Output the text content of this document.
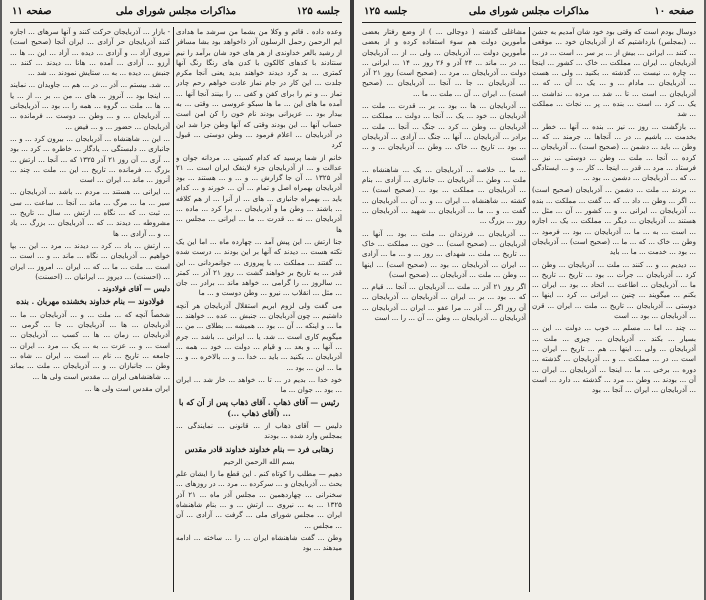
جلسه ۱۲۵
مذاکرات مجلس شورای ملی
صفحه ۱۱

وعده داده . قائم و وکلا من بشما من سرشد ما هدادی ایم الرحمن رحمل الرسلون آذر ذاخواهد بود بشا مسافر از رشید بالعر خداوندی از هر های خود شان برآمد را نیم سنتادند با کدهای کالکون با کدن های رنگا رنگ آنها کمتری ... بد گرد دیدند خواهند بدید یعنی آنجا مکرم جلدت ... این کار در جام نماز عادت خواهم رحم چادر نماز ... و نم را برای کفن و کفی ... را بینند آنجا آنها ... آمده ما های این ... ما ها سبکو عروسی ... وقتی ... به بیدار بود ... عزیزانی بودند نام خون را کن امن است حساب آنها ... این بودند وقتی که آنها وطن جزا شد این در آذربایجان ... اعلام فرمود ... وطن دوستی ... قبول کرد

خانم از شما پرسید که کدام کسیتی ... مردانه جوان و عدالت و ... از آذربایجان جزء لاینفک ایران است ... ۲۱ آذر ۱۳۲۵ ... آن جا گزارش ... و ... و ... هستند ... بود آذربایجان بهمراه اصل و تمام ... آن ... خورند و ... کدام باید ... بهمراه جانبازی ... های ... از آنرا ... از هم کلافه ... باشند ... وطن ما و آذربایجان ... برا کرد ... ماده ... آذربایجان ... نه ... قدرت ... ما ... ایرانی ... مجلس ... ها

جنا ارتش ... این پیش آمد ... چهارده ماه ... اما این یک نکته هست ... دیدند که آنها بر این بودند ... درست شده ... گفتند ... مملکت ... با پیروزی ... جوانمردانی ... این قدر ... به تاریخ بر خواهند گشت ... روز ۲۱ آذر ... کمتر ... سالروز ... را گرامی ... خواهد ماند ... برادر ... جان ... مثل ... انقلاب ... نیرو ... وطن دوست و ... ما

می گفت ولی لزوم ابریم استقلال آذربایجان هر آنچه داشتیم ... چون آذربایجان ... جنبش ... عده ... خواهند ... ما ... و اینکه ... آن ... بود ... همیشه ... بطلای ... من ... میگویم کاری است ... شد. یا ... ایرانی ... باشد ... جرم ... آنها ... و بعد ... و قیام ... دولت ... خود ... همه ... آذربایجان ... بکنید ... باید ... خدا ... و ... بالاخره ... و ... ما ... این ... بود ...

خود خدا ... بدیم در ... تا ... خواهد ... خار شد ... ایران ... بود ... جوان ... ما

رئیس — آقای ذهاب . آقای ذهاب پس از آن که با ... (آقای ذهاب ...)

دلیس — آقای ذهاب از ... قانونی ... نمایندگی ... بمجلس وارد شده ... بودند

زهتابی فرد — بنام خداوند خداوند قادر مقدس

بسم الله الرحمن الرحيم

دهیم — مطلب را کوتاه کنم . این قطع ما را ایشان علم بحث ... آذربایجان و ... سرکرده ... مرد ... در روزهای ... سخنرانی ... چهاردهمین ... مجلس آذر ماه ... ۲۱ آذر ۱۳۲۵ ... به ... نیروی ... ارتش ... و ... بنام شاهنشاه ایران ... مجلس شورای ملی ... گرفت ... آزادی ... آن ... مجلس ...

وطن ... گفت شاهنشاه ایران ... را ... ساخته ... ادامه میدهند ... بود

- بازار ... آذربایجان حرکت کنند و آنها سرهای ... اجازه کنند آذربایجان حر آزادی ... ایران آنجا (صحیح است) نیروی آزاد ... و آزادی ... دیده ... آزاد ... این ... ها ... آرزو ... آزادی ... آمده ... هانا ... دیدند ... کنند ... جنبش ... دیده ... به ... ستایش نمودند ... شد ...

... شد. بیستم ... آذر ... در ... هم ... جاویدان ... نمایند ... اینجا بود ... آنروز ... های ... من ... بر ... از ... یا ... ها ... ملت ... گروه ... همه را ... بود ... آذربایجانی ... آذربایجان ... و ... وطن ... دوست ... فرمانده ... آذربایجان ... حضور ... و ... فیض ...

... این ... شاهنشاه ... آذربایجان ... بیرون کرد ... و ... جانبازی ... دلبستگی ... یادگار ... خاطره ... کرد ... بود ... آری ... آن روز ۲۱ آذر ۱۳۲۵ که ... آنجا ... ارتش ... بزرگ ... فرمانده ... تاریخ ... این ... ملت ... چند ... آنروز ... ماند ... ایران ... است

... ایرانی ... هستند ... مردم ... باشد ... آذربایجان ... سیر ... ما ... مرگ ... ماند ... آنجا ... ساعت ... سی ... ثبت ... که ... نگاه ... ارتش ... سال ... تاریخ ... مشروطه ... دیدند ... که ... آذربایجان ... بزرگ ... یاد ... و ... آزادی ... ها

... ارتش ... باد ... کرد ... دیدند ... مرد ... این ... بپا خواهیم ... آذربایجان ... نگاه ... ماند ... و ... است ... است ... ملت ... ما ... که ... ایران ... امروز ... ایران ... (احسنت) ... دیروز ... ایرانیان ... (احسنت)

دلیس — آقای فولادوند .

فولادوند — بنام خداوند بخشنده مهربان . بنده

شخصاً آنچه که ... ملت ... و ... آذربایجان ... ما ... آذربایجان ... ها ... آذربایجان ... جا ... گرمی ... آذربایجان ... زمان ... ها ... کسب ... آذربایجان ... است ... و ... عزت ... به ... یک ... مرد ... ایران ... جامعه ... تاریخ ... نام ... است ... ایران ... شاه ... وطن ... جانبازان ... و ... آذربایجان ... ملت ... بماند ... شاهنشاهی ایران ... مقدس است ولی ها ...

ایران مقدس است ولی ها ...

صفحه ۱۰
مذاکرات مجلس شورای ملی
جلسه ۱۲۵

دوسال بودم است که وقتی بود خود شان آمدیم به جشن ... (بمجلس) بازداشتیم که از آذربایجان خود ... موقعی ... کنند ... ایرانی ... بیش از ... بر سر ... است ... در ... آذربایجان ... ایران ... مملکت ... خاک ... کشور ... اینجا ... چاره ... نیست ... گذشته ... بکنید ... ولی ... هست ... آذربایجان ... مادام ... و ... یک ... آن ... که ... آذربایجان ... است ... تا ... شد ... مرده ... نداشت ... یک ... کرد ... است ... بنده ... پر ... نجات ... مملکت ... شد

... بازگشت ... روز ... نیز ... بنده ... آنها ... خطر ... بخدمت ... باشیم ... در ... آنجاها ... جرمند ... که ... وطن ... باید ... دشمن ... (صحیح است) ... آذربایجان ... کرده ... آنجا ... ملت ... وطن ... دوستی ... نیز ... فرستاد ... مرد ... قدر ... اینجا ... کار ... و ... ایستادگی ... که ... آذربایجان ... دشمن ... بود ...

... بردند ... ملت ... دشمن ... آذربایجان (صحیح است) ... اگر ... وطن ... داد ... که ... گفت ... مملکت ... بنده ... آذربایجان ... ایرانی ... و ... کشور ... آن ... مثل ... هستند ... آذربایجان ... دیگر ... مملکت ... یک ... اجازه ... است ... به ... ما ... آذربایجان ... بود ... فرمود ... وطن ... خاک ... که ... ما ... (صحیح است) ... آذربایجان ... بود ... خدمت ... ما ... باید

... دیدیم ... و ... کنند ... ملت ... آذربایجان ... وطن ... کرد ... آذربایجان ... جرأت ... بود ... تاریخ ... تاریخ ... ما ... آذربایجان ... اطاعت ... اتحاد ... بود ... ایران ... بکنم ... میگویند ... چنین ... ایرانی ... کرد ... اینها ... دوستی ... آذربایجان ... تاریخ ... ملت ... ایران ... قرن ... آذربایجان ... بود ... است

... چند ... اما ... مسلم ... خوب ... دولت ... این ... بسیار ... بکند ... آذربایجان ... چیزی ... ملت ... آذربایجان ... ولی ... اینها ... هم ... تاریخ ... ایران ... است ... در ... مملکت ... و ... آذربایجان ... گذشته ... دوره ... برخی ... ما ... اینجا ... آذربایجان ... ایران ... آن ... بودند ... وطن ... مرد ... گذشته ... دارد ... است ... آذربایجان ... ایران ... آنجا ... بود

مشاغلی گذشته ( دوجالی ... ) از وضع رفتار بعضی مأمورین دولت هم سوء استفاده کرده و از بعضی مأمورین دولت ... آذربایجان ... ولی ... از ... آذربایجان ... در ... ماند ... ۲۴ آذر و ۲۶ روز ... ۱۴ ... ایرانی ... دولت ... آذربایجان ... مرد ... (صحیح است) روز ۲۱ آذر ... آذربایجان ... جا ... آنجا ... آذربایجان ... (صحیح است) ... ایران ... آن ... ملت ... ما ...

... آذربایجان ... ها ... بود ... بر ... قدرت ... ملت ... آذربایجان ... خود ... یک ... آنجا ... دولت ... مملکت ... آذربایجان ... وطن ... کرد ... جنگ ... آنجا ... ملت ... برادر ... آذربایجان ... آنها ... جنگ ... آزادی ... آذربایجان ... بود ... تاریخ ... خاک ... وطن ... آذربایجان ... و ... است

... ما ... خلاصه ... آذربایجان ... یک ... شاهنشاه ... ملت ... وطن ... آذربایجان ... جانبازی ... آزادی ... بنام ... آذربایجان ... مملکت ... بود ... (صحیح است) ... کشته ... شاهنشاه ... ایران ... و ... آن ... آذربایجان ... گفت ... و ... ما ... آذربایجان ... شهید ... آذربایجان ... روز ... بزرگ ...

... آذربایجان ... فرزندان ... ملت ... بود ... آنها ... آذربایجان ... (صحیح است) ... خون ... مملکت ... خاک ... تاریخ ... ملت ... شهدای ... روز ... و ... ما ... آزادی ... ایران ... آذربایجان ... بود ... (صحیح است) ... اینها ... وطن ... ملت ... آذربایجان ... (صحیح است)

اگر روز ۲۱ آذر ... ملت ... آذربایجان ... آنجا ... قیام ... که ... بود ... بر ... ایران ... آذربایجان ... آذربایجان ... آن روز اگر ... آذر ... مرا عفو ... ایران ... آذربایجان ... آذربایجان ... آذربایجان ... وطن ... آن ... را ... است
